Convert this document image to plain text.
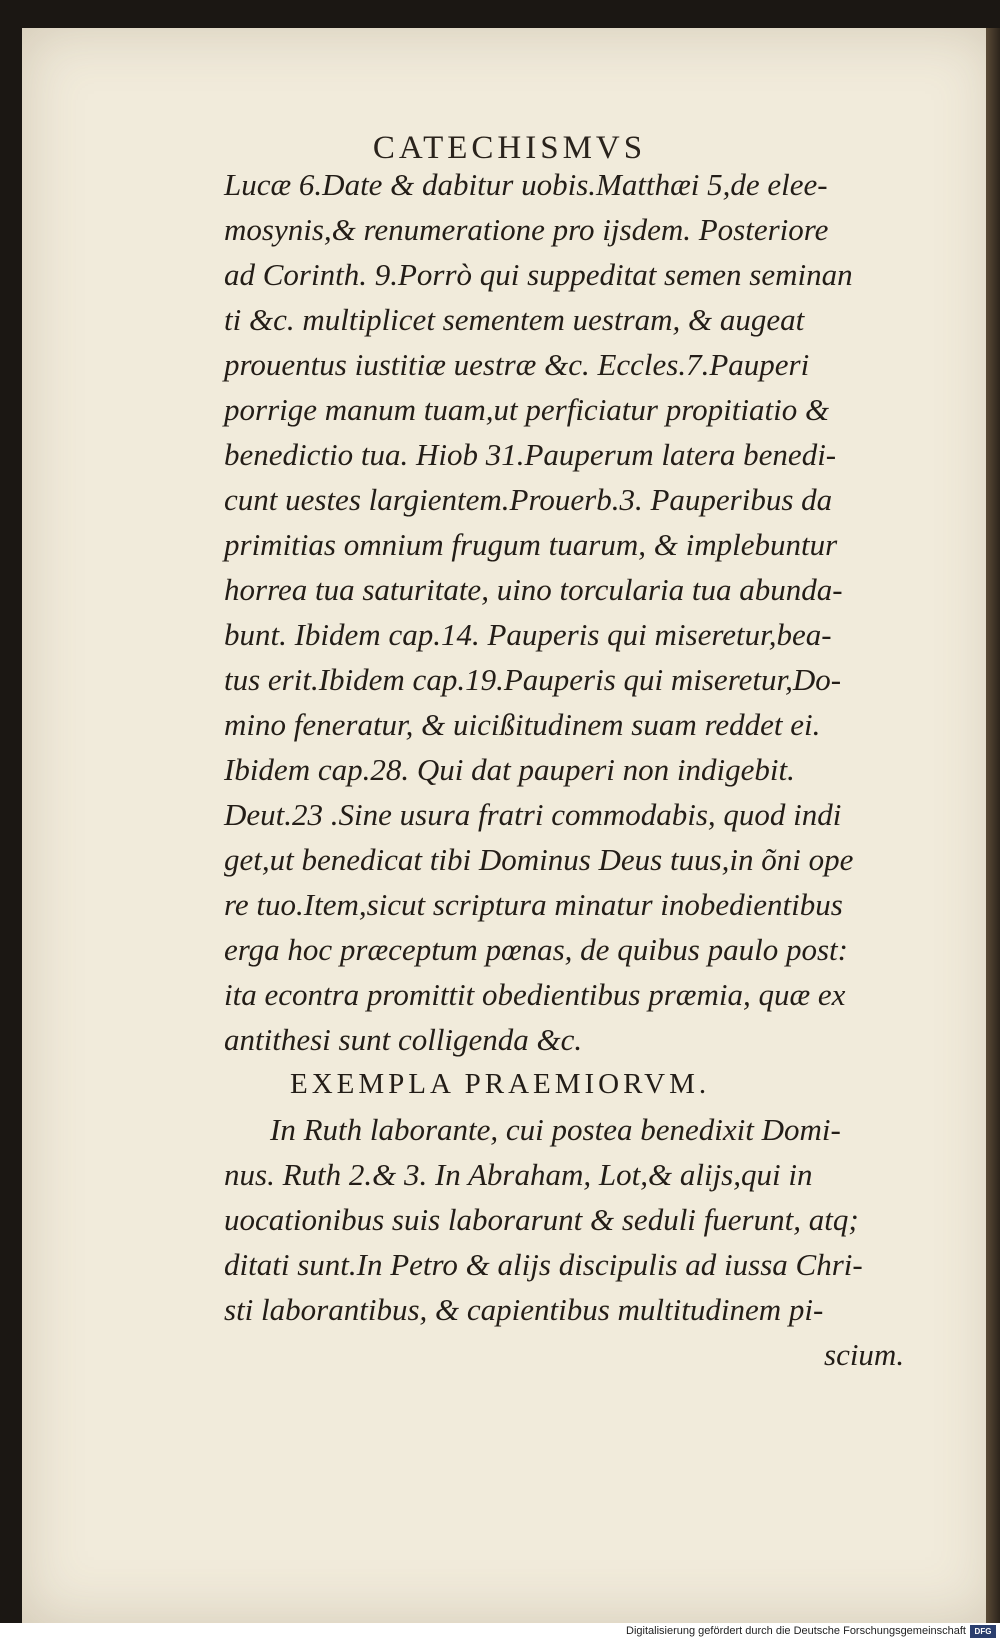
CATECHISMVS
Lucæ 6.Date & dabitur uobis.Matthæi 5,de elee-
mosynis,& renumeratione pro ijsdem. Posteriore
ad Corinth. 9.Porrò qui suppeditat semen seminan
ti &c. multiplicet sementem uestram, & augeat
prouentus iustitiæ uestræ &c. Eccles.7.Pauperi
porrige manum tuam,ut perficiatur propitiatio &
benedictio tua. Hiob 31.Pauperum latera benedi-
cunt uestes largientem.Prouerb.3. Pauperibus da
primitias omnium frugum tuarum, & implebuntur
horrea tua saturitate, uino torcularia tua abunda-
bunt. Ibidem cap.14. Pauperis qui miseretur,bea-
tus erit.Ibidem cap.19.Pauperis qui miseretur,Do-
mino feneratur, & uicißitudinem suam reddet ei.
Ibidem cap.28. Qui dat pauperi non indigebit.
Deut.23 .Sine usura fratri commodabis, quod indi
get,ut benedicat tibi Dominus Deus tuus,in õni ope
re tuo.Item,sicut scriptura minatur inobedientibus
erga hoc præceptum pœnas, de quibus paulo post:
ita econtra promittit obedientibus præmia, quæ ex
antithesi sunt colligenda &c.
EXEMPLA PRAEMIORVM.
In Ruth laborante, cui postea benedixit Domi-
nus. Ruth 2.& 3. In Abraham, Lot,& alijs,qui in
uocationibus suis laborarunt & seduli fuerunt, atq;
ditati sunt.In Petro & alijs discipulis ad iussa Chri-
sti laborantibus, & capientibus multitudinem pi-
scium.
Digitalisierung gefördert durch die Deutsche Forschungsgemeinschaft	DFG
